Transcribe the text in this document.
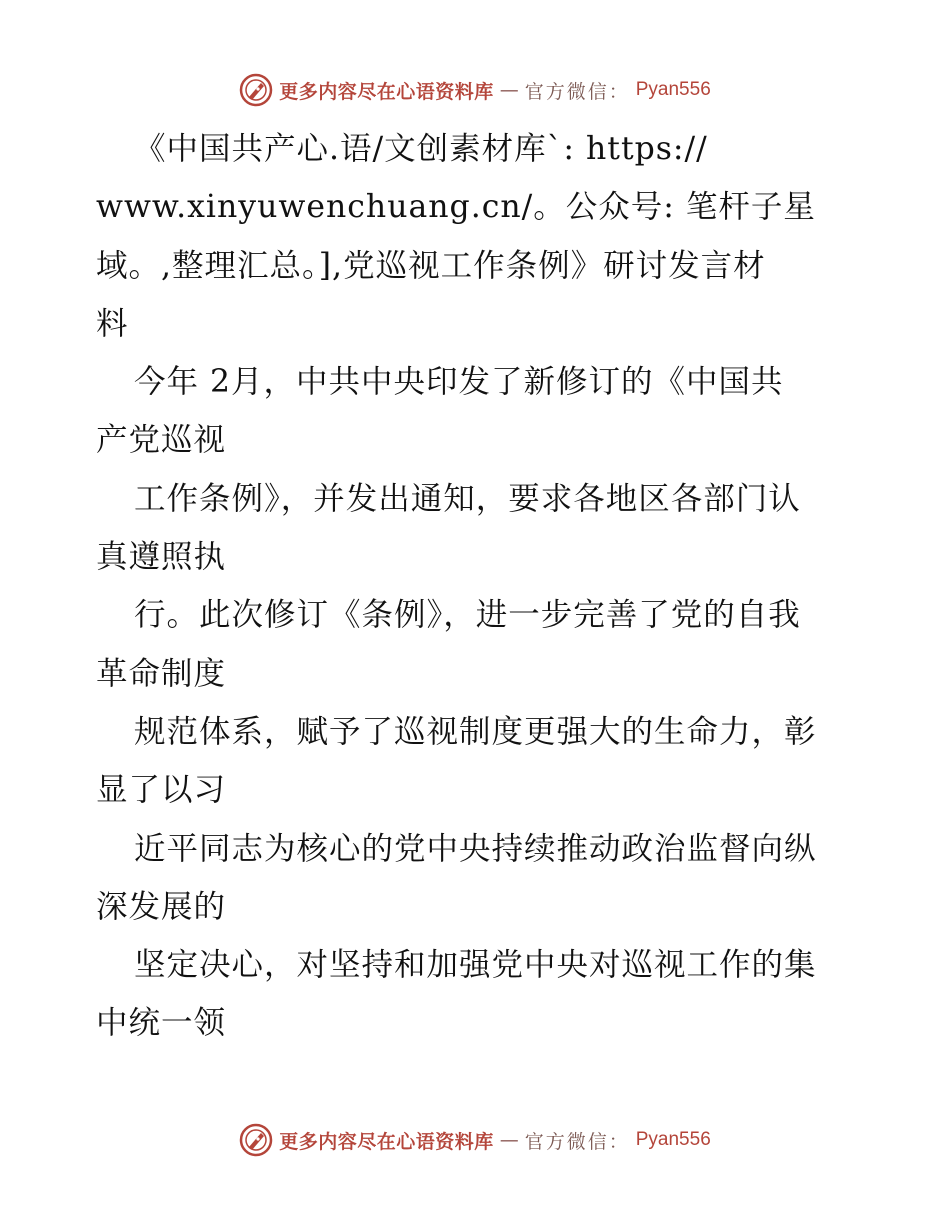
更多内容尽在心语资料库 — 官方微信： Pyan556
《中国共产心.语/文创素材库`: https://
www.xinyuwenchuang.cn/。公众号: 笔杆子星
域。,整理汇总。],党巡视工作条例》研讨发言材
料
今年 2月，中共中央印发了新修订的《中国共
产党巡视
工作条例》，并发出通知，要求各地区各部门认
真遵照执
行。此次修订《条例》，进一步完善了党的自我
革命制度
规范体系，赋予了巡视制度更强大的生命力，彰
显了以习
近平同志为核心的党中央持续推动政治监督向纵
深发展的
坚定决心，对坚持和加强党中央对巡视工作的集
中统一领
更多内容尽在心语资料库 — 官方微信： Pyan556
